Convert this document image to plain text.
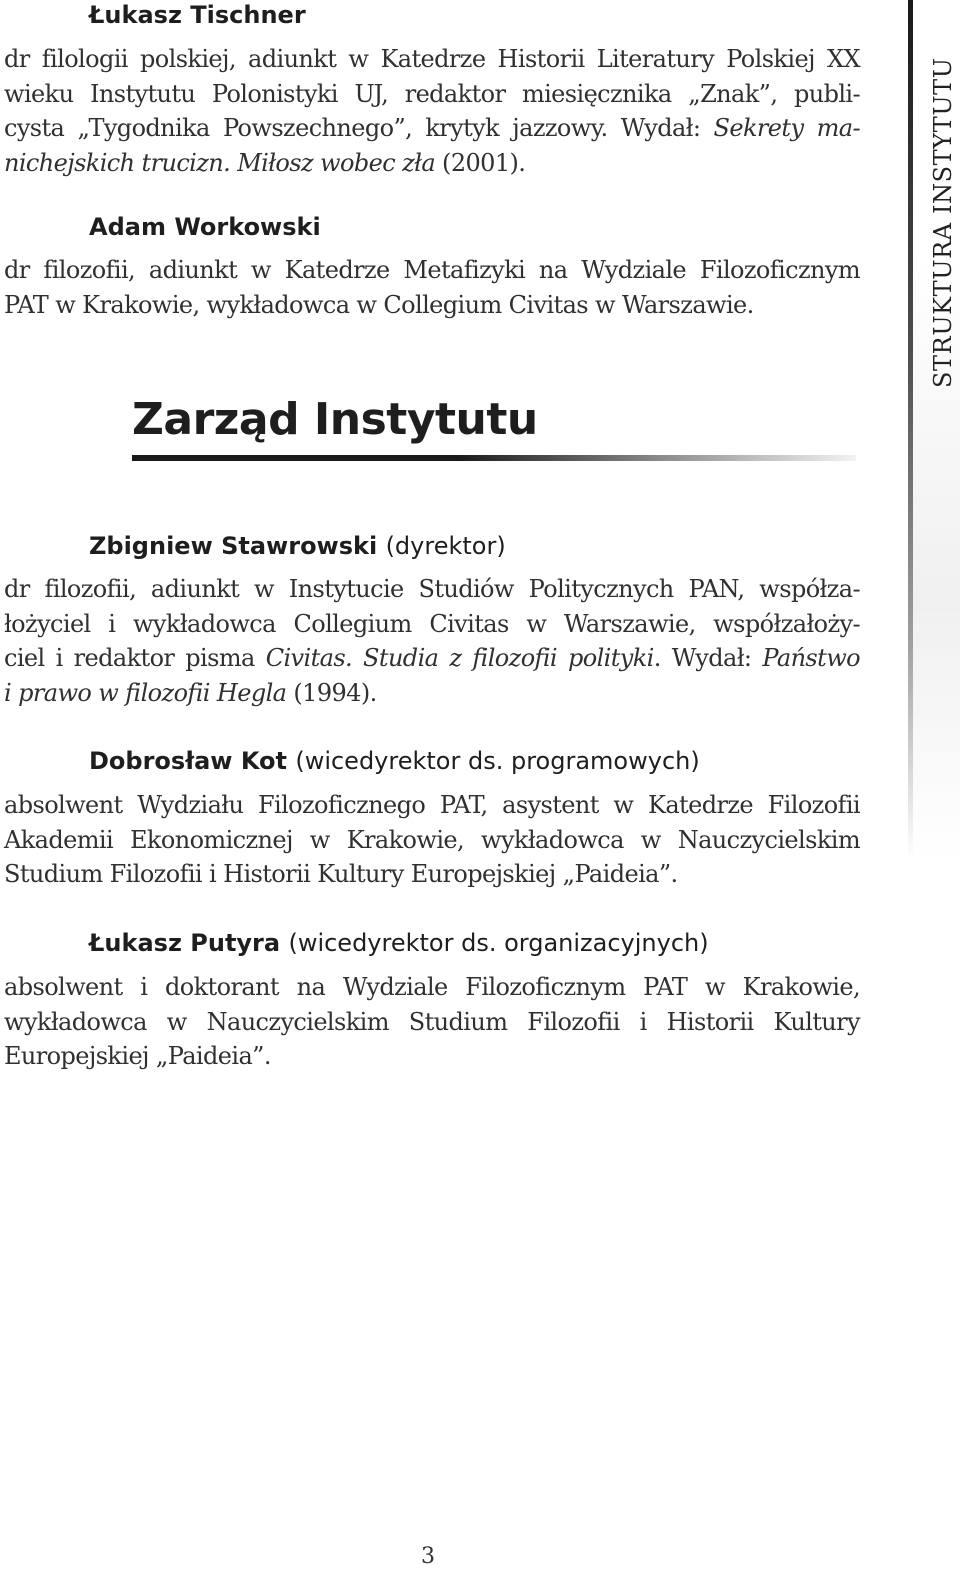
STRUKTURA INSTYTUTU
Łukasz Tischner
dr filologii polskiej, adiunkt w Katedrze Historii Literatury Polskiej XX
wieku Instytutu Polonistyki UJ, redaktor miesięcznika „Znak”, publi-
cysta „Tygodnika Powszechnego”, krytyk jazzowy. Wydał: Sekrety ma-
nichejskich trucizn. Miłosz wobec zła (2001).
Adam Workowski
dr filozofii, adiunkt w Katedrze Metafizyki na Wydziale Filozoficznym
PAT w Krakowie, wykładowca w Collegium Civitas w Warszawie.
Zarząd Instytutu
Zbigniew Stawrowski (dyrektor)
dr filozofii, adiunkt w Instytucie Studiów Politycznych PAN, współza-
łożyciel i wykładowca Collegium Civitas w Warszawie, współzałoży-
ciel i redaktor pisma Civitas. Studia z filozofii polityki. Wydał: Państwo
i prawo w filozofii Hegla (1994).
Dobrosław Kot (wicedyrektor ds. programowych)
absolwent Wydziału Filozoficznego PAT, asystent w Katedrze Filozofii
Akademii Ekonomicznej w Krakowie, wykładowca w Nauczycielskim
Studium Filozofii i Historii Kultury Europejskiej „Paideia”.
Łukasz Putyra (wicedyrektor ds. organizacyjnych)
absolwent i doktorant na Wydziale Filozoficznym PAT w Krakowie,
wykładowca w Nauczycielskim Studium Filozofii i Historii Kultury
Europejskiej „Paideia”.
3
